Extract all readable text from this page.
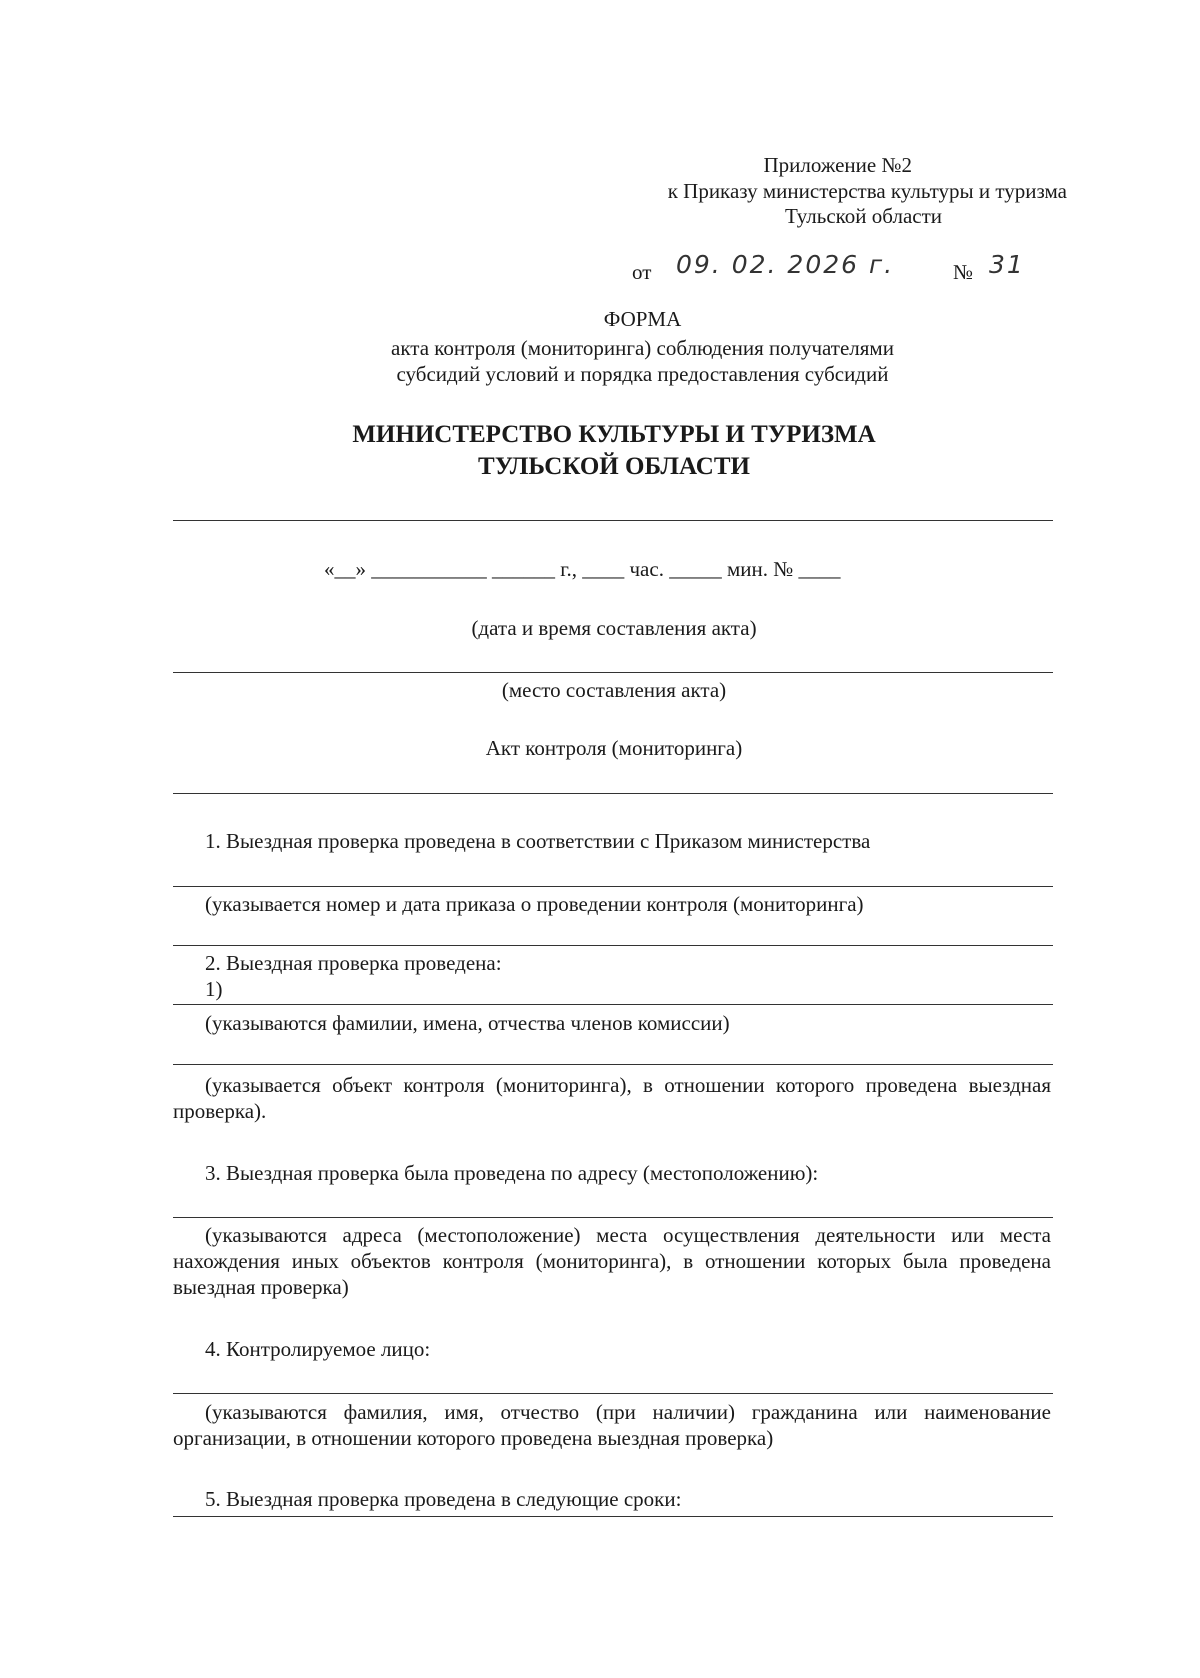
Приложение №2
к Приказу министерства культуры и туризма
Тульской области
от 09. 02. 2026 г.	№ 31
ФОРМА
акта контроля (мониторинга) соблюдения получателями
субсидий условий и порядка предоставления субсидий
МИНИСТЕРСТВО КУЛЬТУРЫ И ТУРИЗМА
ТУЛЬСКОЙ ОБЛАСТИ
«__» ___________ ______ г., ____ час. _____ мин. № ____
(дата и время составления акта)
(место составления акта)
Акт контроля (мониторинга)
1. Выездная проверка проведена в соответствии с Приказом министерства
(указывается номер и дата приказа о проведении контроля (мониторинга)
2. Выездная проверка проведена:
1)
(указываются фамилии, имена, отчества членов комиссии)
(указывается объект контроля (мониторинга), в отношении которого проведена выездная проверка).
3. Выездная проверка была проведена по адресу (местоположению):
(указываются адреса (местоположение) места осуществления деятельности или места нахождения иных объектов контроля (мониторинга), в отношении которых была проведена выездная проверка)
4. Контролируемое лицо:
(указываются фамилия, имя, отчество (при наличии) гражданина или наименование организации, в отношении которого проведена выездная проверка)
5. Выездная проверка проведена в следующие сроки:
